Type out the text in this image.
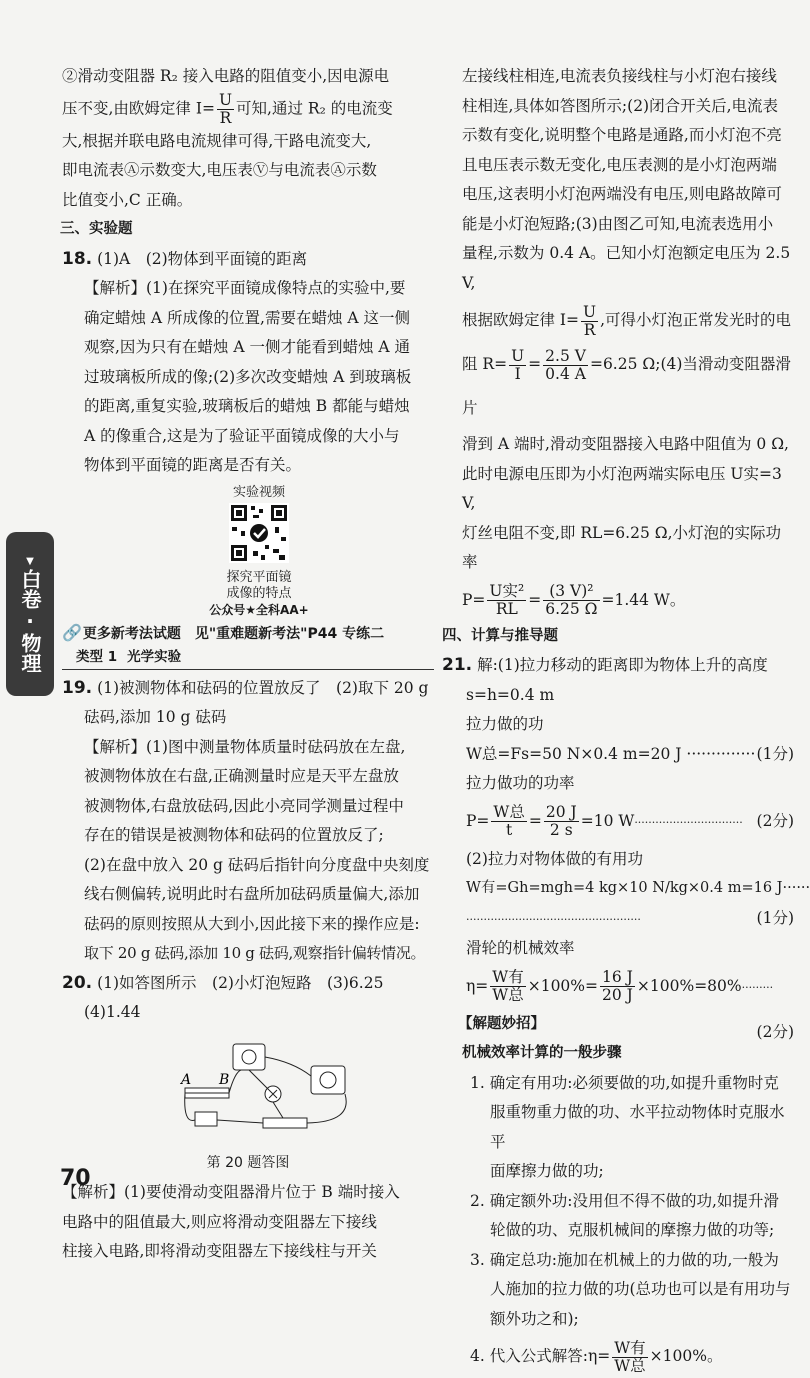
②滑动变阻器 R₂ 接入电路的阻值变小,因电源电

压不变,由欧姆定律 $I= \frac{U}{R}$ 可知,通过 R₂ 的电流变

大,根据并联电路电流规律可得,干路电流变大,

即电流表Ⓐ示数变大,电压表Ⓥ与电流表Ⓐ示数

比值变小,C 正确。

三、实验题

18. (1)A　(2)物体到平面镜的距离

【解析】(1)在探究平面镜成像特点的实验中,要

确定蜡烛 A 所成像的位置,需要在蜡烛 A 这一侧

观察,因为只有在蜡烛 A 一侧才能看到蜡烛 A 通

过玻璃板所成的像;(2)多次改变蜡烛 A 到玻璃板

的距离,重复实验,玻璃板后的蜡烛 B 都能与蜡烛

A 的像重合,这是为了验证平面镜成像的大小与

物体到平面镜的距离是否有关。

实验视频
探究平面镜
成像的特点
公众号★全科AA+

🔗 更多新考法试题　见"重难题新考法"P44 专练二

类型 1 光学实验

19. (1)被测物体和砝码的位置放反了　(2)取下 20 g

砝码,添加 10 g 砝码

【解析】(1)图中测量物体质量时砝码放在左盘,

被测物体放在右盘,正确测量时应是天平左盘放

被测物体,右盘放砝码,因此小亮同学测量过程中

存在的错误是被测物体和砝码的位置放反了;

(2)在盘中放入 20 g 砝码后指针向分度盘中央刻度

线右侧偏转,说明此时右盘所加砝码质量偏大,添加

砝码的原则按照从大到小,因此接下来的操作应是:

取下 20 g 砝码,添加 10 g 砝码,观察指针偏转情况。

20. (1)如答图所示　(2)小灯泡短路　(3)6.25

(4)1.44

A B
第 20 题答图

【解析】(1)要使滑动变阻器滑片位于 B 端时接入

电路中的阻值最大,则应将滑动变阻器左下接线

柱接入电路,即将滑动变阻器左下接线柱与开关

左接线柱相连,电流表负接线柱与小灯泡右接线

柱相连,具体如答图所示;(2)闭合开关后,电流表

示数有变化,说明整个电路是通路,而小灯泡不亮

且电压表示数无变化,电压表测的是小灯泡两端

电压,这表明小灯泡两端没有电压,则电路故障可

能是小灯泡短路;(3)由图乙可知,电流表选用小

量程,示数为 0.4 A。已知小灯泡额定电压为 2.5 V,

根据欧姆定律 $I= \frac{U}{R}$ ,可得小灯泡正常发光时的电

阻 $R= \frac{U}{I} = \frac{2.5 V}{0.4 A} =6.25$ Ω;(4)当滑动变阻器滑片

滑到 A 端时,滑动变阻器接入电路中阻值为 0 Ω,

此时电源电压即为小灯泡两端实际电压 U实=3 V,

灯丝电阻不变,即 RL=6.25 Ω,小灯泡的实际功率

$P= \frac{\text{U实²}}{RL} = \frac{\text{(3 V)²}}{6.25 \Omega} =1.44$ W。

四、计算与推导题

21. 解:(1)拉力移动的距离即为物体上升的高度

s=h=0.4 m

拉力做的功

W总=Fs=50 N×0.4 m=20 J ·············· (1分)

拉力做功的功率

$P= \frac{\text{W总}}{t} = \frac{20 J}{2 s} =10$ W······························· (2分)

(2)拉力对物体做的有用功

W有=Gh=mgh=4 kg×10 N/kg×0.4 m=16 J······

··················································	(1分)

滑轮的机械效率

$\eta= \frac{\text{W有}}{\text{W总}} \times 100\%= \frac{16 J}{20 J} \times 100\%=80\%\cdot\cdot\cdot\cdot\cdot\cdot\cdot\cdot\cdot$
(2分)

【解题妙招】

机械效率计算的一般步骤

1. 确定有用功:必须要做的功,如提升重物时克

服重物重力做的功、水平拉动物体时克服水平

面摩擦力做的功;

2. 确定额外功:没用但不得不做的功,如提升滑

轮做的功、克服机械间的摩擦力做的功等;

3. 确定总功:施加在机械上的力做的功,一般为

人施加的拉力做的功(总功也可以是有用功与

额外功之和);

4. 代入公式解答:η= $\frac{\text{W有}}{\text{W总}} \times 100\%$。

▼
白卷
·
物理
70
